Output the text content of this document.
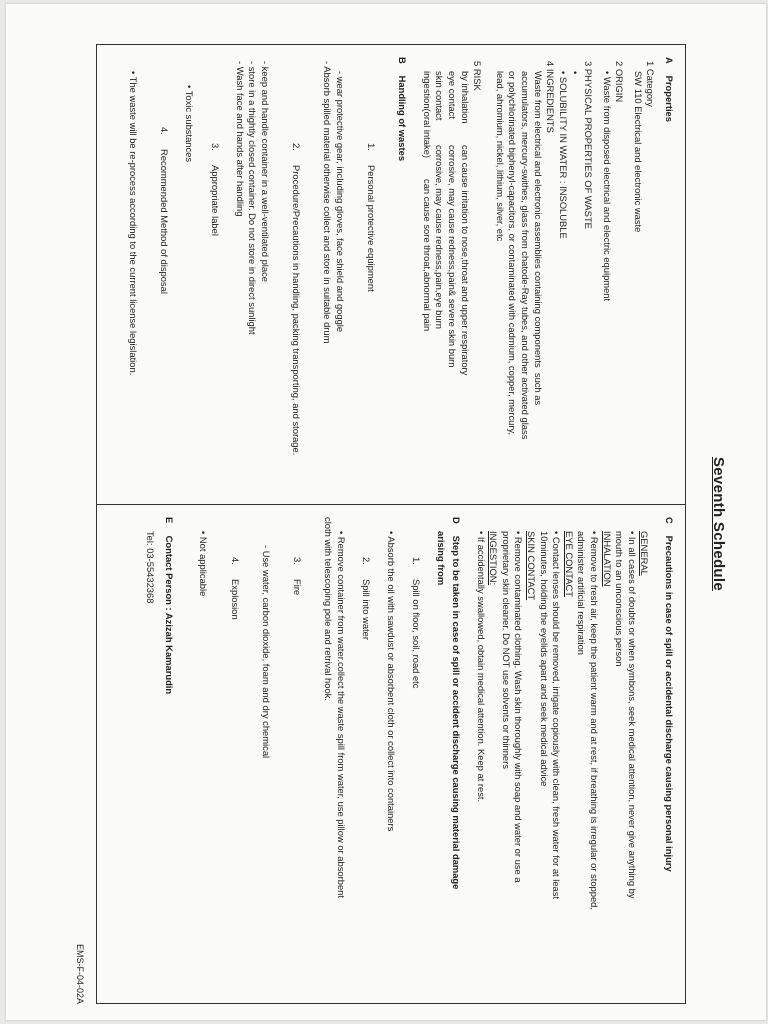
Seventh Schedule
A Properties

1 Category

SW 110 Electrical and electronic waste

2 ORIGIN

• Waste from disposed electrical and electric equipment

3 PHYSICAL PROPERTIES OF WASTE

•

• SOLUBILITY IN WATER : INSOLUBLE

4 INGREDIENTS

Waste from electrical and electronic assemblies containing components  such as

accumulators, mercury-swithes, glass from chatode-Ray tubes, and other activated glass

or polychlorinated biphenyl-capacitors, or contaminated with cadmium, copper, mercury,

lead, ahromium, nickel, lithium, silver, etc

5 RISK

by inhalation
can cause irritation to nose,throat and upper respiratory
eye contact
corrosive, may cause redness,pain& severe skin burn
skin contact
corrosive, may cause redness,pain,eye burn
ingestion(oral intake)
can cause sore throat,abnormal pain
B Handling of wastes

1.Personal protective equipment

- wear protective gear, including gloves, face shield and goggle

- Absorb spilled material otherwise collect and store in suitable drum

2.Procedure/Precautions in handling, packing transporting, and storage.

- keep and handle container in a well-ventilated place

- store in a thightly closed container. Do not store in direct sunlight

- Wash face and hands after handling

3.Appropriate label

• Toxic substances

4.Recommended Method of disposal

• The waste will be re-process according to the current license legislation.

C Precautions in case of spill or accidental discharge causing personal injury

GENERAL

• In all cases of doubts or when symbons, seek medical attention, never give anything by

mouth to an unconscious person

INHALATION

• Remove to fresh air, keep the patient warm and at rest, if breathing is irregular or stopped,

administer artificial respiration

EYE CONTACT

• Contact lenses should be removed, irrigate copiously with clean, fresh water for at least

10minutes, holding the eyelids apart and seek medical advice

SKIN CONTACT

• Remove contaminated clothing. Wash skin thoroughly with soap and water or use a

proprietary skin cleaner. Do NOT use solvents or thinners

INGESTION:

• If accidentally swallowed, obtain medical attention. Keep at rest.

D Step to be taken in case of spill or accident discharge causing material damage

arising from

1.Spill on floor, soil, road etc

• Absorb the oil with sawdust or absorbent cloth or collect into containers

2.Spill into water

• Remove container from water.collect the waste spill from water, use pillow or absorbent

cloth with telescoping pole and retrival hook.

3.Fire

- Use water, carbon dioxide, foam and dry chemical

4.Explosion

• Not applicable

E Contact Person : Azizah Kamarudin

Tel: 03-55432368

EMS-F-04-02A
